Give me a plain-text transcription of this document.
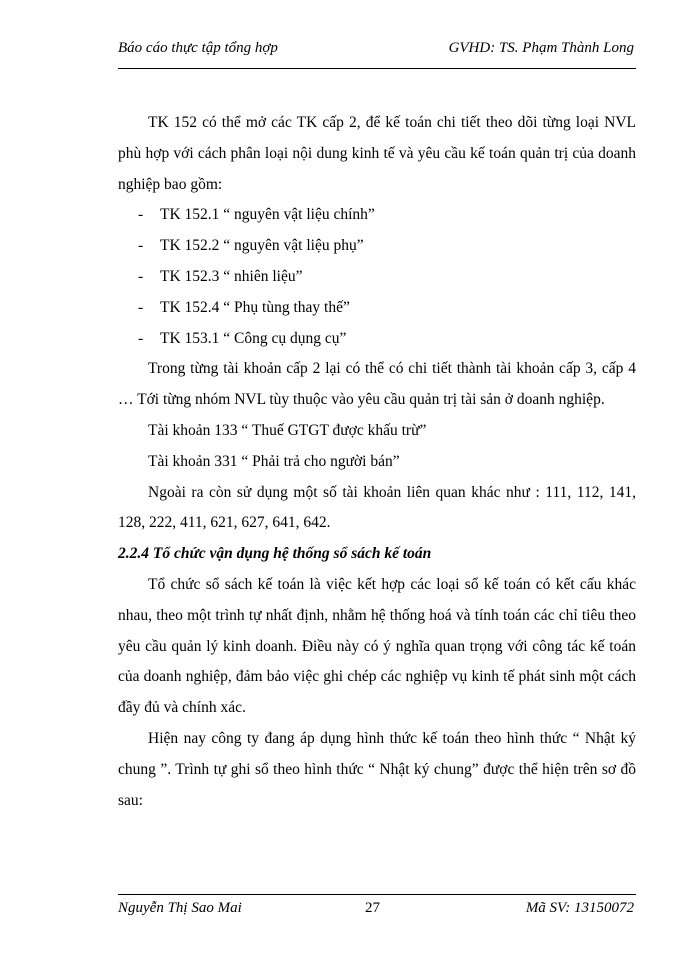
Báo cáo thực tập tổng hợp	GVHD: TS. Phạm Thành Long

TK 152 có thể mở các TK cấp 2, để kế toán chi tiết theo dõi từng loại NVL phù hợp với cách phân loại nội dung kinh tế và yêu cầu kế toán quản trị của doanh nghiệp bao gồm:

- TK 152.1 “ nguyên vật liệu chính”
- TK 152.2 “ nguyên vật liệu phụ”
- TK 152.3 “ nhiên liệu”
- TK 152.4 “ Phụ tùng thay thế”
- TK 153.1 “ Công cụ dụng cụ”

Trong từng tài khoản cấp 2 lại có thể có chi tiết thành tài khoản cấp 3, cấp 4 … Tới từng nhóm NVL tùy thuộc vào yêu cầu quản trị tài sản ở doanh nghiệp.

Tài khoản 133 “ Thuế GTGT được khấu trừ”

Tài khoản 331 “ Phải trả cho người bán”

Ngoài ra còn sử dụng một số tài khoản liên quan khác như : 111, 112, 141, 128, 222, 411, 621, 627, 641, 642.

2.2.4 Tổ chức vận dụng hệ thống sổ sách kế toán

Tổ chức sổ sách kế toán là việc kết hợp các loại sổ kế toán có kết cấu khác nhau, theo một trình tự nhất định, nhằm hệ thống hoá và tính toán các chỉ tiêu theo yêu cầu quản lý kinh doanh. Điều này có ý nghĩa quan trọng với công tác kế toán của doanh nghiệp, đảm bảo việc ghi chép các nghiệp vụ kinh tế phát sinh một cách đầy đủ và chính xác.

Hiện nay công ty đang áp dụng hình thức kế toán theo hình thức “ Nhật ký chung ”. Trình tự ghi sổ theo hình thức “ Nhật ký chung” được thể hiện trên sơ đồ sau:

Nguyễn Thị Sao Mai	27	Mã SV: 13150072
